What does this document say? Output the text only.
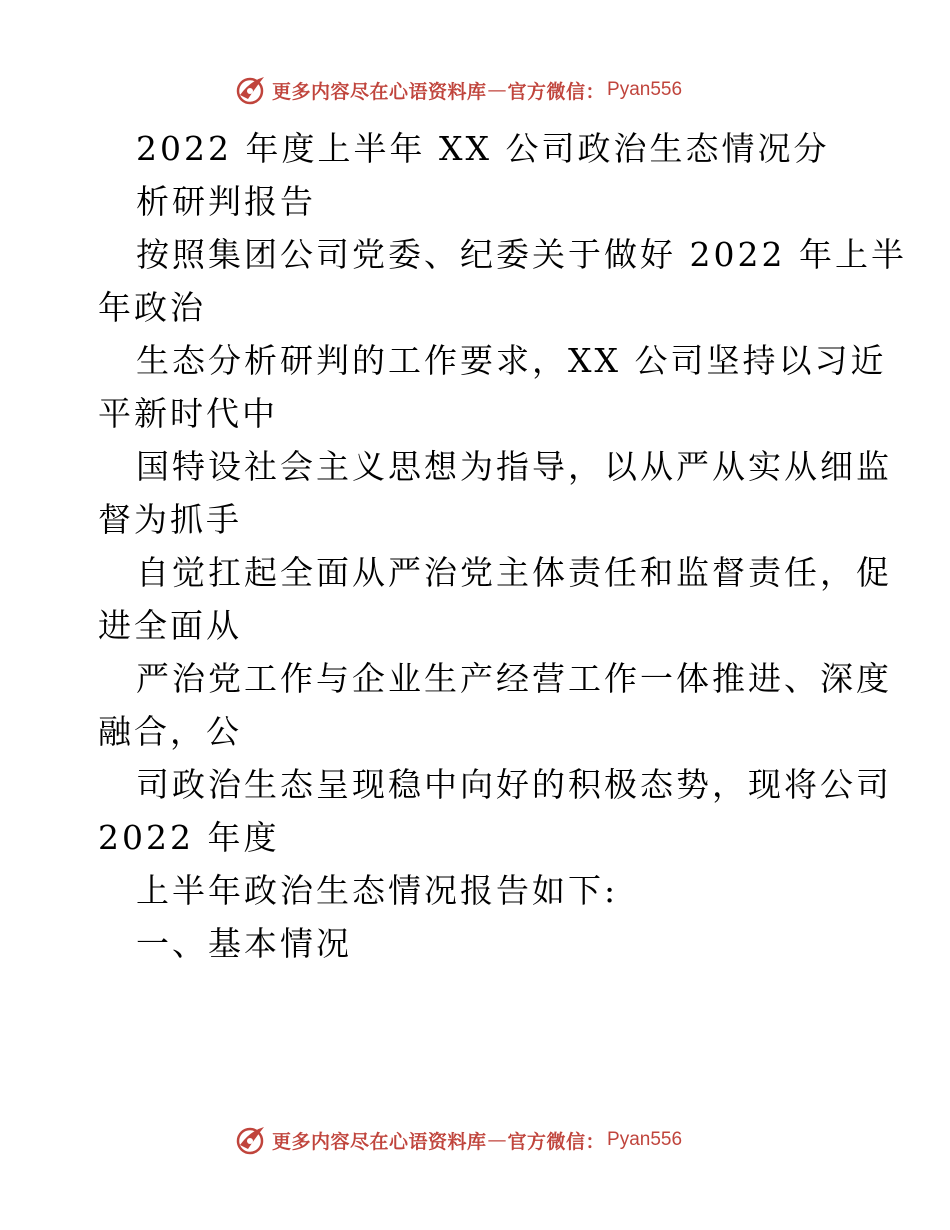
更多内容尽在心语资料库 — 官方微信： Pyan556
2022 年度上半年 XX 公司政治生态情况分
析研判报告
按照集团公司党委、纪委关于做好 2022 年上半
年政治
生态分析研判的工作要求，XX 公司坚持以习近
平新时代中
国特设社会主义思想为指导，以从严从实从细监
督为抓手
自觉扛起全面从严治党主体责任和监督责任，促
进全面从
严治党工作与企业生产经营工作一体推进、深度
融合，公
司政治生态呈现稳中向好的积极态势，现将公司
2022 年度
上半年政治生态情况报告如下:
一、基本情况
更多内容尽在心语资料库 — 官方微信： Pyan556
